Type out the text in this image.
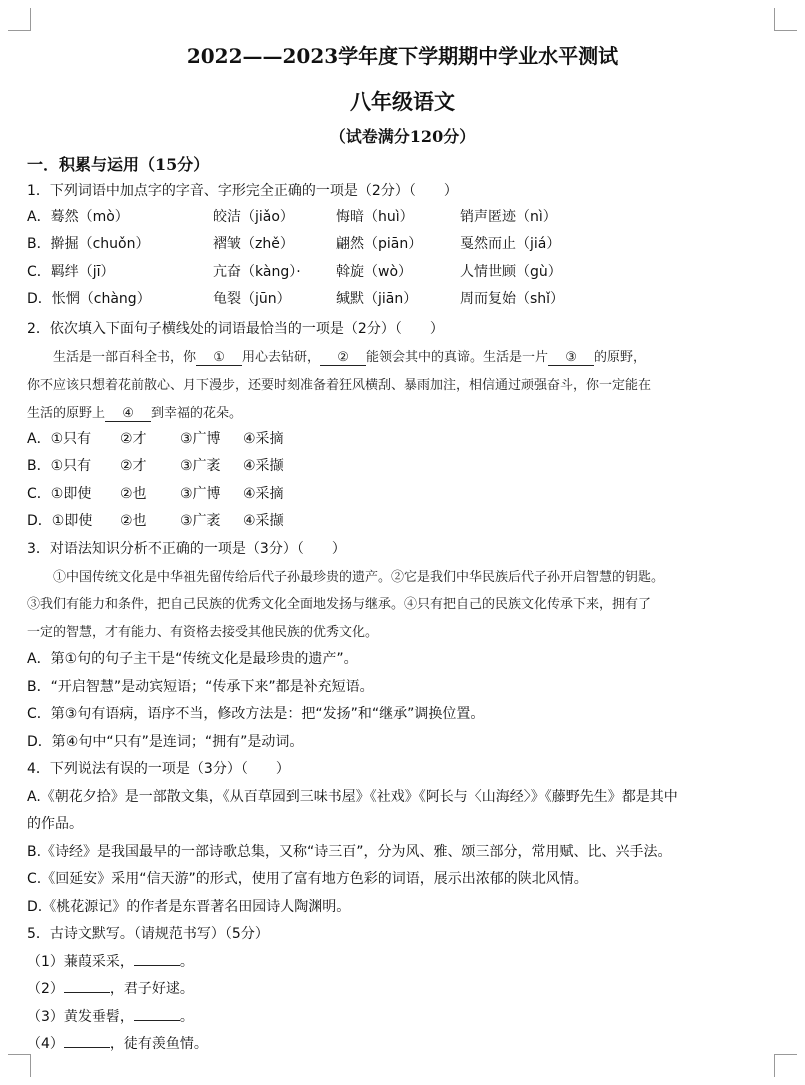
2022——2023学年度下学期期中学业水平测试
八年级语文
（试卷满分120分）
一．积累与运用（15分）
1．下列词语中加点字的字音、字形完全正确的一项是（2分）（　　）
A．蓦然（mò）	皎洁（jiǎo）	悔暗（huì）	销声匿迹（nì）
B．擀掘（chuǒn）	褶皱（zhě）	翩然（piān）	戛然而止（jiá）
C．羁绊（jī）	亢奋（kàng）·	斡旋（wò）	人情世顾（gù）
D．怅惘（chàng）	龟裂（jūn）	缄默（jiān）	周而复始（shǐ）
2．依次填入下面句子横线处的词语最恰当的一项是（2分）（　　）
　　生活是一部百科全书，你 ① 用心去钻研， ② 能领会其中的真谛。生活是一片 ③ 的原野，
你不应该只想着花前散心、月下漫步，还要时刻准备着狂风横刮、暴雨加注，相信通过顽强奋斗，你一定能在
生活的原野上 ④ 到幸福的花朵。
A．①只有 ②才 ③广博 ④采摘
B．①只有 ②才 ③广袤 ④采撷
C．①即使 ②也 ③广博 ④采摘
D．①即使 ②也 ③广袤 ④采撷
3．对语法知识分析不正确的一项是（3分）（　　）
　　①中国传统文化是中华祖先留传给后代子孙最珍贵的遗产。②它是我们中华民族后代子孙开启智慧的钥匙。
③我们有能力和条件，把自己民族的优秀文化全面地发扬与继承。④只有把自己的民族文化传承下来，拥有了
一定的智慧，才有能力、有资格去接受其他民族的优秀文化。
A．第①句的句子主干是“传统文化是最珍贵的遗产”。
B．“开启智慧”是动宾短语；“传承下来”都是补充短语。
C．第③句有语病，语序不当，修改方法是：把“发扬”和“继承”调换位置。
D．第④句中“只有”是连词；“拥有”是动词。
4．下列说法有误的一项是（3分）（　　）
A.《朝花夕拾》是一部散文集，《从百草园到三味书屋》《社戏》《阿长与〈山海经〉》《藤野先生》都是其中
的作品。
B.《诗经》是我国最早的一部诗歌总集，又称“诗三百”，分为风、雅、颂三部分，常用赋、比、兴手法。
C.《回延安》采用“信天游”的形式，使用了富有地方色彩的词语，展示出浓郁的陕北风情。
D.《桃花源记》的作者是东晋著名田园诗人陶渊明。
5．古诗文默写。（请规范书写）（5分）
（1）蒹葭采采，	。
（2）	，君子好逑。
（3）黄发垂髫，	。
（4）	，徒有羡鱼情。
